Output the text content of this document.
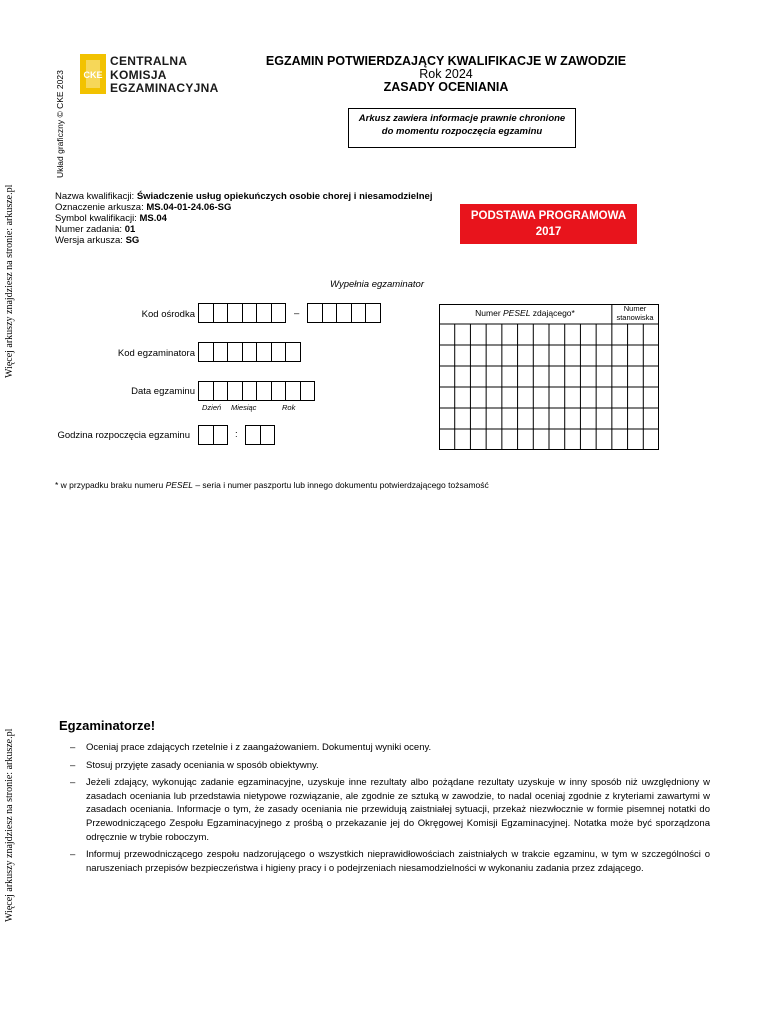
Więcej arkuszy znajdziesz na stronie: arkusze.pl
Więcej arkuszy znajdziesz na stronie: arkusze.pl
Układ graficzny © CKE 2023 CKE
CENTRALNA
KOMISJA
EGZAMINACYJNA
EGZAMIN POTWIERDZAJĄCY KWALIFIKACJE W ZAWODZIE
Rok 2024
ZASADY OCENIANIA
Arkusz zawiera informacje prawnie chronione
do momentu rozpoczęcia egzaminu
Nazwa kwalifikacji: Świadczenie usług opiekuńczych osobie chorej i niesamodzielnej
Oznaczenie arkusza: MS.04-01-24.06-SG
Symbol kwalifikacji: MS.04
Numer zadania: 01
Wersja arkusza: SG
PODSTAWA PROGRAMOWA
2017
Wypełnia egzaminator
Kod ośrodka	–
Kod egzaminatora
Data egzaminu
Dzień Miesiąc	Rok
Godzina rozpoczęcia egzaminu	:
Numer PESEL zdającego*	Numer
stanowiska
* w przypadku braku numeru PESEL – seria i numer paszportu lub innego dokumentu potwierdzającego tożsamość
Egzaminatorze!
– Oceniaj prace zdających rzetelnie i z zaangażowaniem. Dokumentuj wyniki oceny.
– Stosuj przyjęte zasady oceniania w sposób obiektywny.
– Jeżeli zdający, wykonując zadanie egzaminacyjne, uzyskuje inne rezultaty albo pożądane rezultaty uzyskuje w inny sposób niż uwzględniony w zasadach oceniania lub przedstawia nietypowe rozwiązanie, ale zgodnie ze sztuką w zawodzie, to nadal oceniaj zgodnie z kryteriami zawartymi w zasadach oceniania. Informacje o tym, że zasady oceniania nie przewidują zaistniałej sytuacji, przekaż niezwłocznie w formie pisemnej notatki do Przewodniczącego Zespołu Egzaminacyjnego z prośbą o przekazanie jej do Okręgowej Komisji Egzaminacyjnej. Notatka może być sporządzona odręcznie w trybie roboczym.
– Informuj przewodniczącego zespołu nadzorującego o wszystkich nieprawidłowościach zaistniałych w trakcie egzaminu, w tym w szczególności o naruszeniach przepisów bezpieczeństwa i higieny pracy i o podejrzeniach niesamodzielności w wykonaniu zadania przez zdającego.
